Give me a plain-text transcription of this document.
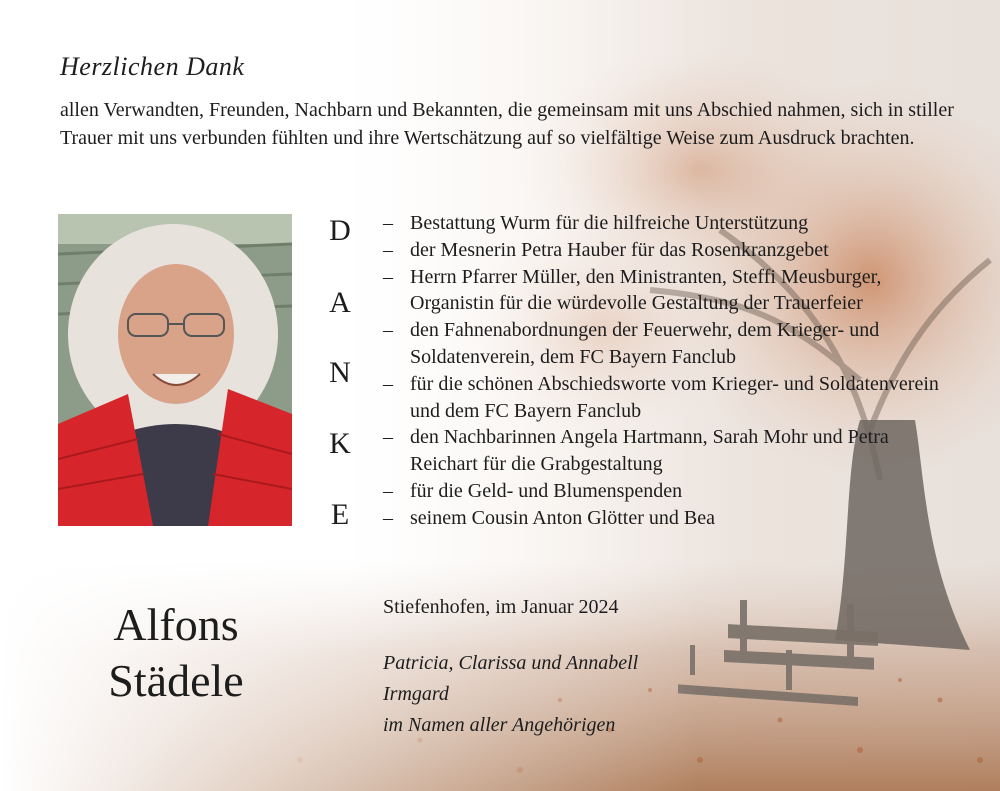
Herzlichen Dank

allen Verwandten, Freunden, Nachbarn und Bekannten, die gemeinsam mit uns Abschied nahmen, sich in stiller Trauer mit uns verbunden fühlten und ihre Wertschätzung auf so vielfältige Weise zum Ausdruck brachten.

D
A
N
K
E
– Bestattung Wurm für die hilfreiche Unterstützung
– der Mesnerin Petra Hauber für das Rosenkranzgebet
– Herrn Pfarrer Müller, den Ministranten, Steffi Meusburger, Organistin für die würdevolle Gestaltung der Trauerfeier
– den Fahnenabordnungen der Feuerwehr, dem Krieger- und Soldatenverein, dem FC Bayern Fanclub
– für die schönen Abschiedsworte vom Krieger- und Soldatenverein und dem FC Bayern Fanclub
– den Nachbarinnen Angela Hartmann, Sarah Mohr und Petra Reichart für die Grabgestaltung
– für die Geld- und Blumenspenden
– seinem Cousin Anton Glötter und Bea
Alfons
Städele
Stiefenhofen, im Januar 2024
Patricia, Clarissa und Annabell
Irmgard
im Namen aller Angehörigen
